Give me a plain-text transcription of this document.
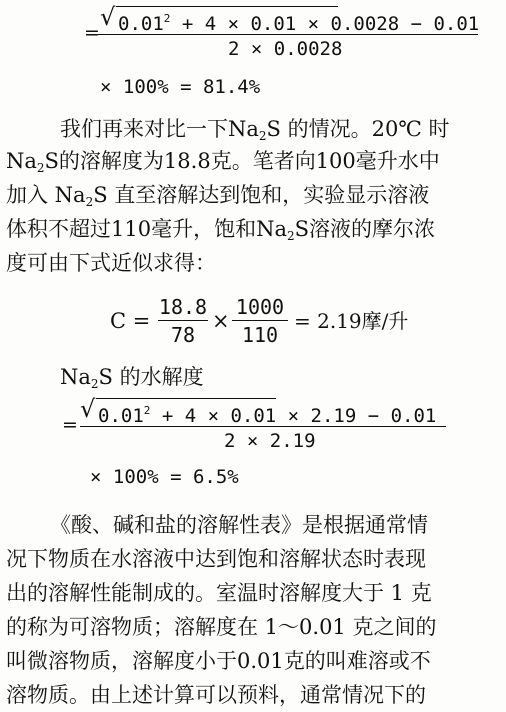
=
√ $0.01^2 + 4 \times 0.01 \times 0.0028 - 0.01$
2 × 0.0028
× 100% = 81.4%
我们再来对比一下$Na_2S$ 的情况。20℃ 时
$Na_2S$的溶解度为18.8克。笔者向100毫升水中
加入 $Na_2S$ 直至溶解达到饱和，实验显示溶液
体积不超过110毫升，饱和$Na_2S$溶液的摩尔浓
度可由下式近似求得：
C =
18.8
78
×
1000
110
= 2.19摩/升
$Na_2S$ 的水解度
=
√ $0.01^2 + 4 \times 0.01 \times 2.19 - 0.01$
2 × 2.19
× 100% = 6.5%
《酸、碱和盐的溶解性表》是根据通常情
况下物质在水溶液中达到饱和溶解状态时表现
出的溶解性能制成的。室温时溶解度大于 1 克
的称为可溶物质；溶解度在 1～0.01 克之间的
叫微溶物质，溶解度小于0.01克的叫难溶或不
溶物质。由上述计算可以预料，通常情况下的
